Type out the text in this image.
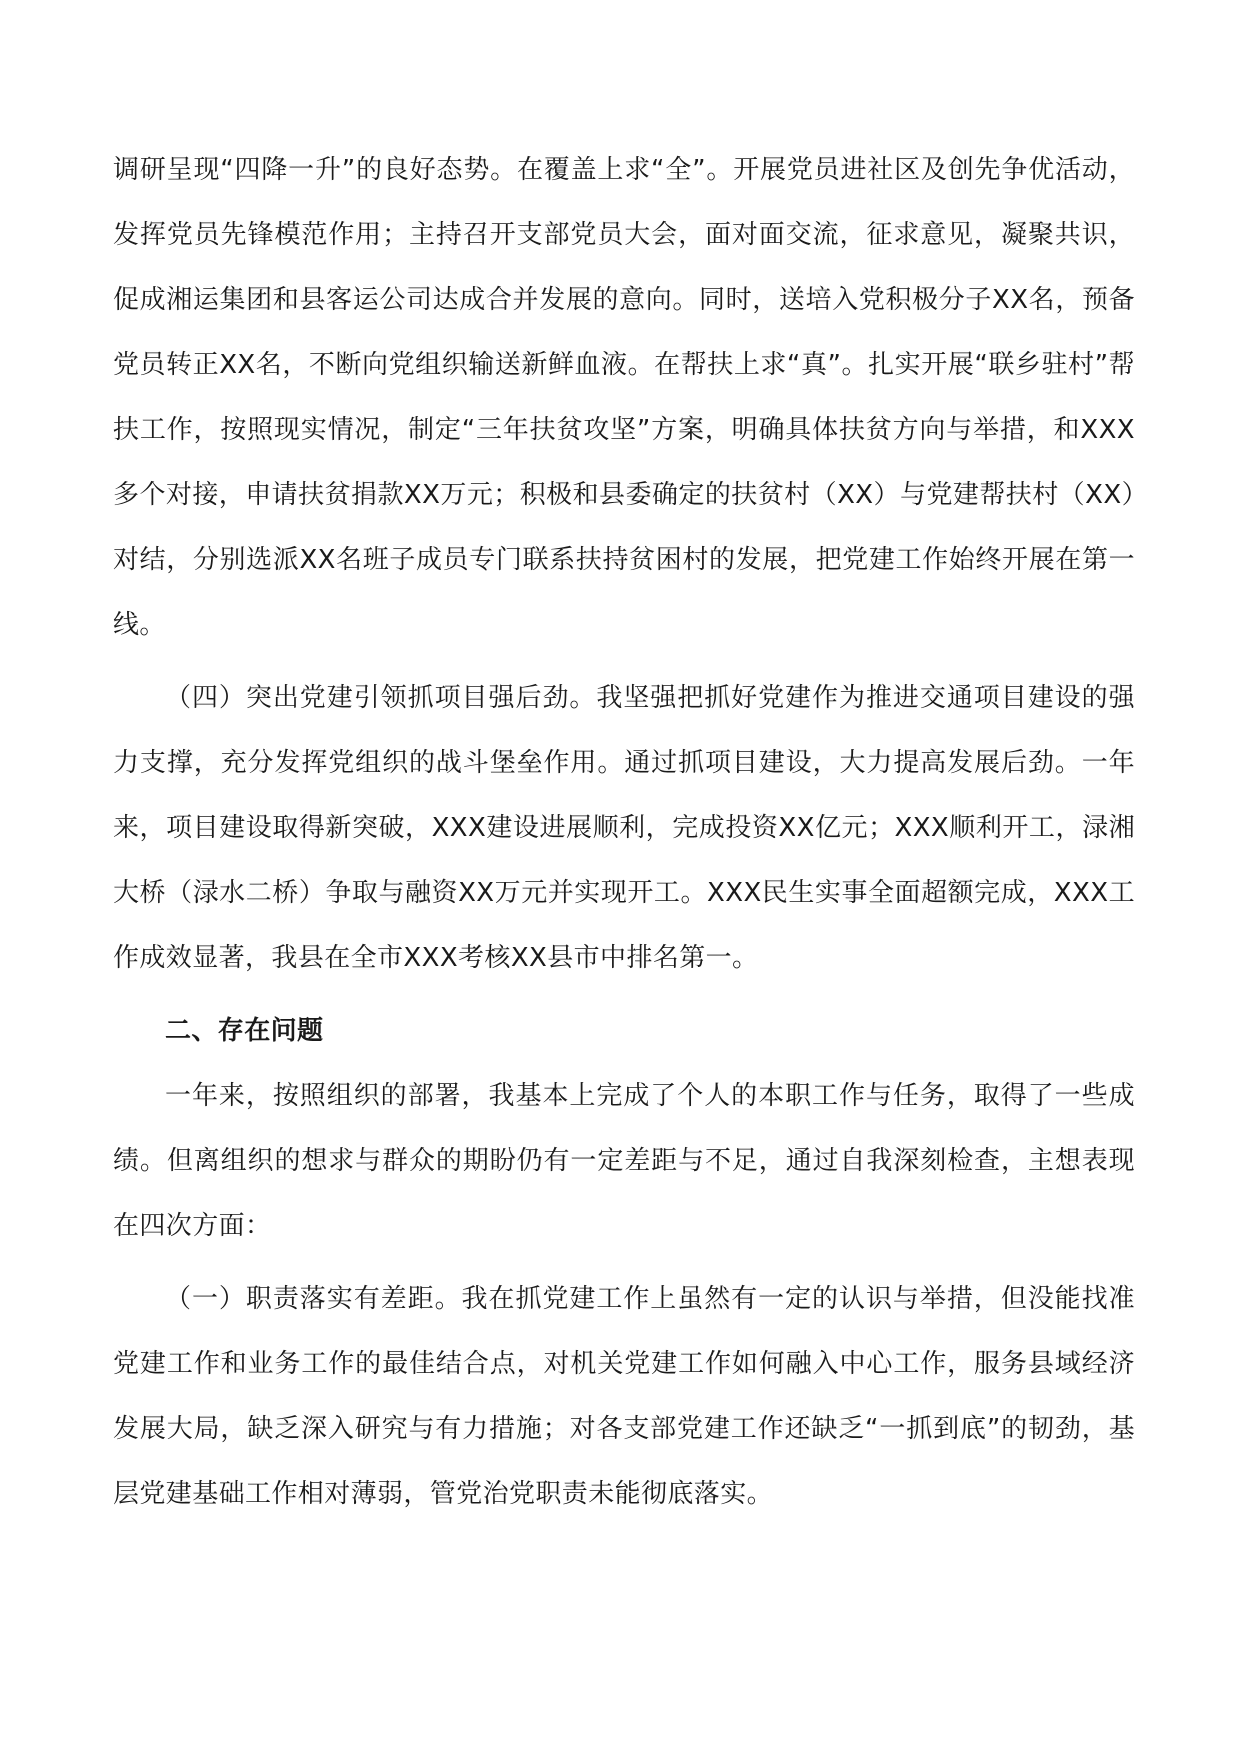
调研呈现“四降一升”的良好态势。在覆盖上求“全”。开展党员进社区及创先争优活动，发挥党员先锋模范作用；主持召开支部党员大会，面对面交流，征求意见，凝聚共识，促成湘运集团和县客运公司达成合并发展的意向。同时，送培入党积极分子XX名，预备党员转正XX名，不断向党组织输送新鲜血液。在帮扶上求“真”。扎实开展“联乡驻村”帮扶工作，按照现实情况，制定“三年扶贫攻坚”方案，明确具体扶贫方向与举措，和XXX多个对接，申请扶贫捐款XX万元；积极和县委确定的扶贫村（XX）与党建帮扶村（XX）对结，分别选派XX名班子成员专门联系扶持贫困村的发展，把党建工作始终开展在第一线。

（四）突出党建引领抓项目强后劲。我坚强把抓好党建作为推进交通项目建设的强力支撑，充分发挥党组织的战斗堡垒作用。通过抓项目建设，大力提高发展后劲。一年来，项目建设取得新突破，XXX建设进展顺利，完成投资XX亿元；XXX顺利开工，渌湘大桥（渌水二桥）争取与融资XX万元并实现开工。XXX民生实事全面超额完成，XXX工作成效显著，我县在全市XXX考核XX县市中排名第一。

二、存在问题

一年来，按照组织的部署，我基本上完成了个人的本职工作与任务，取得了一些成绩。但离组织的想求与群众的期盼仍有一定差距与不足，通过自我深刻检查，主想表现在四次方面：

（一）职责落实有差距。我在抓党建工作上虽然有一定的认识与举措，但没能找准党建工作和业务工作的最佳结合点，对机关党建工作如何融入中心工作，服务县域经济发展大局，缺乏深入研究与有力措施；对各支部党建工作还缺乏“一抓到底”的韧劲，基层党建基础工作相对薄弱，管党治党职责未能彻底落实。
